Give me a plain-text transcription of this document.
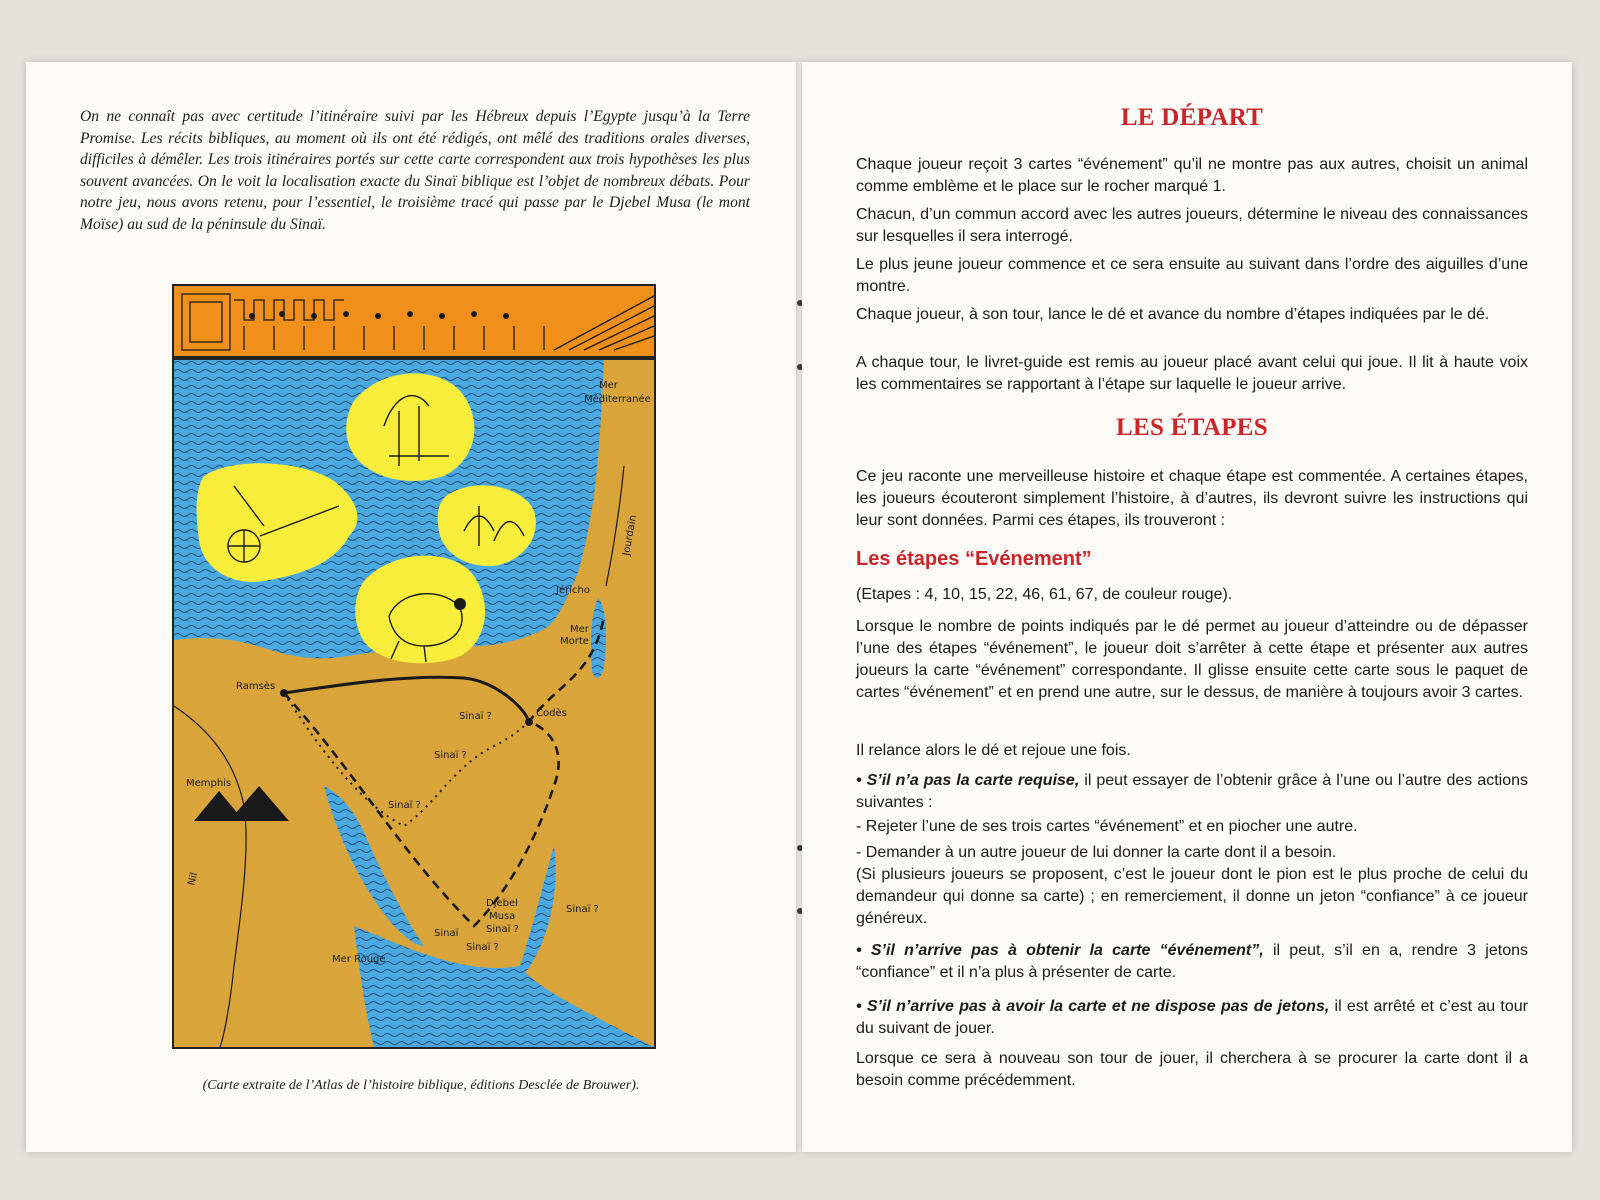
On ne connaît pas avec certitude l’itinéraire suivi par les Hébreux depuis l’Egypte jusqu’à la Terre Promise. Les récits bibliques, au moment où ils ont été rédigés, ont mêlé des traditions orales diverses, difficiles à démêler. Les trois itinéraires portés sur cette carte correspondent aux trois hypothèses les plus souvent avancées. On le voit la localisation exacte du Sinaï biblique est l’objet de nombreux débats. Pour notre jeu, nous avons retenu, pour l’essentiel, le troisième tracé qui passe par le Djebel Musa (le mont Moïse) au sud de la péninsule du Sinaï.

Mer
Méditerranée
Jourdain
Jéricho
Mer
Morte
Ramsès
Sinaï ?	Codès
Sinaï ?
Memphis
Sinaï ?
Nil
Djebel
Musa
Sinaï ?
Sinaï ?
Sinaï
Sinaï ?
Mer Rouge

(Carte extraite de l’Atlas de l’histoire biblique, éditions Desclée de Brouwer).

LE DÉPART

Chaque joueur reçoit 3 cartes “événement” qu’il ne montre pas aux autres, choisit un animal comme emblème et le place sur le rocher marqué 1.

Chacun, d’un commun accord avec les autres joueurs, détermine le niveau des connaissances sur lesquelles il sera interrogé.

Le plus jeune joueur commence et ce sera ensuite au suivant dans l’ordre des aiguilles d’une montre.

Chaque joueur, à son tour, lance le dé et avance du nombre d’étapes indiquées par le dé.

A chaque tour, le livret-guide est remis au joueur placé avant celui qui joue. Il lit à haute voix les commentaires se rapportant à l’étape sur laquelle le joueur arrive.

LES ÉTAPES

Ce jeu raconte une merveilleuse histoire et chaque étape est commentée. A certaines étapes, les joueurs écouteront simplement l’histoire, à d’autres, ils devront suivre les instructions qui leur sont données. Parmi ces étapes, ils trouveront :

Les étapes “Evénement”

(Etapes : 4, 10, 15, 22, 46, 61, 67, de couleur rouge).

Lorsque le nombre de points indiqués par le dé permet au joueur d’atteindre ou de dépasser l’une des étapes “événement”, le joueur doit s’arrêter à cette étape et présenter aux autres joueurs la carte “événement” correspondante. Il glisse ensuite cette carte sous le paquet de cartes “événement” et en prend une autre, sur le dessus, de manière à toujours avoir 3 cartes.

Il relance alors le dé et rejoue une fois.

• S’il n’a pas la carte requise, il peut essayer de l’obtenir grâce à l’une ou l’autre des actions suivantes :

- Rejeter l’une de ses trois cartes “événement” et en piocher une autre.

- Demander à un autre joueur de lui donner la carte dont il a besoin.

(Si plusieurs joueurs se proposent, c’est le joueur dont le pion est le plus proche de celui du demandeur qui donne sa carte) ; en remerciement, il donne un jeton “confiance” à ce joueur généreux.

• S’il n’arrive pas à obtenir la carte “événement”, il peut, s’il en a, rendre 3 jetons “confiance” et il n’a plus à présenter de carte.

• S’il n’arrive pas à avoir la carte et ne dispose pas de jetons, il est arrêté et c’est au tour du suivant de jouer.

Lorsque ce sera à nouveau son tour de jouer, il cherchera à se procurer la carte dont il a besoin comme précédemment.
